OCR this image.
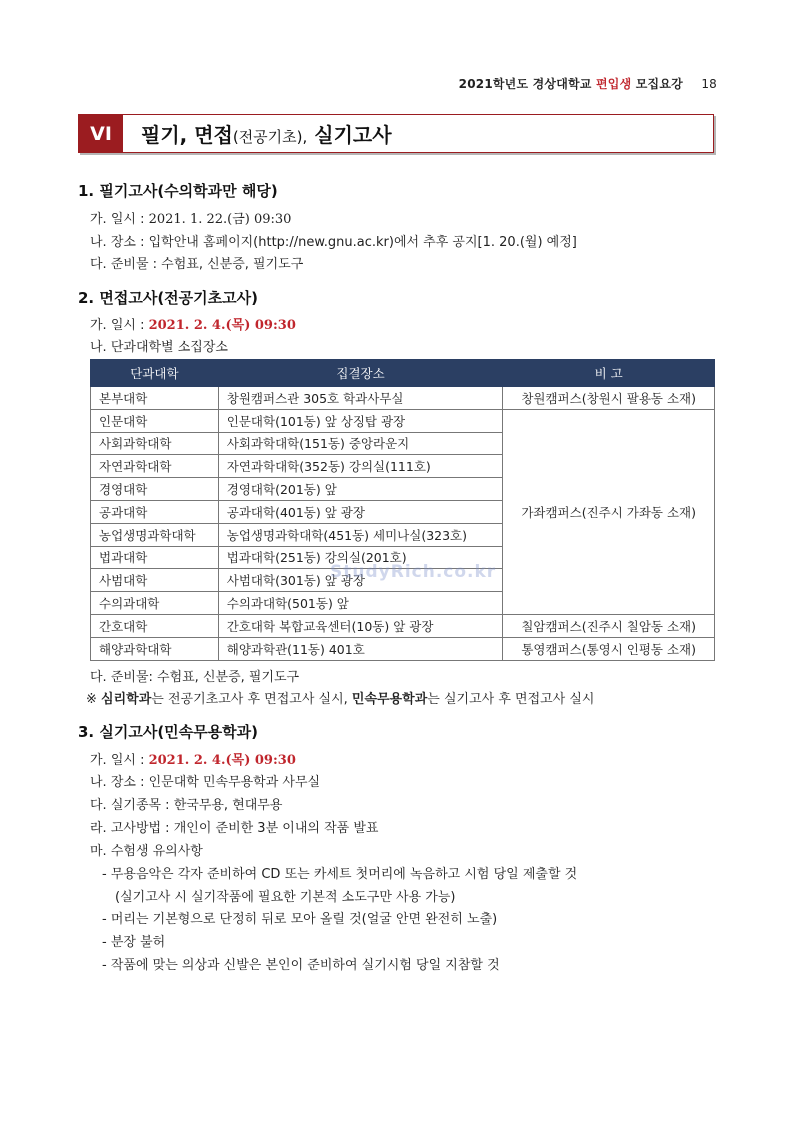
2021학년도 경상대학교 편입생 모집요강 18
VI	필기, 면접(전공기초), 실기고사
1. 필기고사(수의학과만 해당)
가. 일시 : 2021. 1. 22.(금) 09:30
나. 장소 : 입학안내 홈페이지(http://new.gnu.ac.kr)에서 추후 공지[1. 20.(월) 예정]
다. 준비물 : 수험표, 신분증, 필기도구
2. 면접고사(전공기초고사)
가. 일시 : 2021. 2. 4.(목) 09:30
나. 단과대학별 소집장소
단과대학	집결장소	비 고
본부대학	창원캠퍼스관 305호 학과사무실	창원캠퍼스(창원시 팔용동 소재)
인문대학	인문대학(101동) 앞 상징탑 광장	가좌캠퍼스(진주시 가좌동 소재)
사회과학대학	사회과학대학(151동) 중앙라운지	
자연과학대학	자연과학대학(352동) 강의실(111호)	
경영대학	경영대학(201동) 앞	
공과대학	공과대학(401동) 앞 광장	
농업생명과학대학	농업생명과학대학(451동) 세미나실(323호)	
법과대학	법과대학(251동) 강의실(201호)	
사범대학	사범대학(301동) 앞 광장	
수의과대학	수의과대학(501동) 앞	
간호대학	간호대학 복합교육센터(10동) 앞 광장	칠암캠퍼스(진주시 칠암동 소재)
해양과학대학	해양과학관(11동) 401호	통영캠퍼스(통영시 인평동 소재)
StudyRich.co.kr
다. 준비물: 수험표, 신분증, 필기도구
※ 심리학과는 전공기초고사 후 면접고사 실시, 민속무용학과는 실기고사 후 면접고사 실시
3. 실기고사(민속무용학과)
가. 일시 : 2021. 2. 4.(목) 09:30
나. 장소 : 인문대학 민속무용학과 사무실
다. 실기종목 : 한국무용, 현대무용
라. 고사방법 : 개인이 준비한 3분 이내의 작품 발표
마. 수험생 유의사항
- 무용음악은 각자 준비하여 CD 또는 카세트 첫머리에 녹음하고 시험 당일 제출할 것
(실기고사 시 실기작품에 필요한 기본적 소도구만 사용 가능)
- 머리는 기본형으로 단정히 뒤로 모아 올릴 것(얼굴 안면 완전히 노출)
- 분장 불허
- 작품에 맞는 의상과 신발은 본인이 준비하여 실기시험 당일 지참할 것
